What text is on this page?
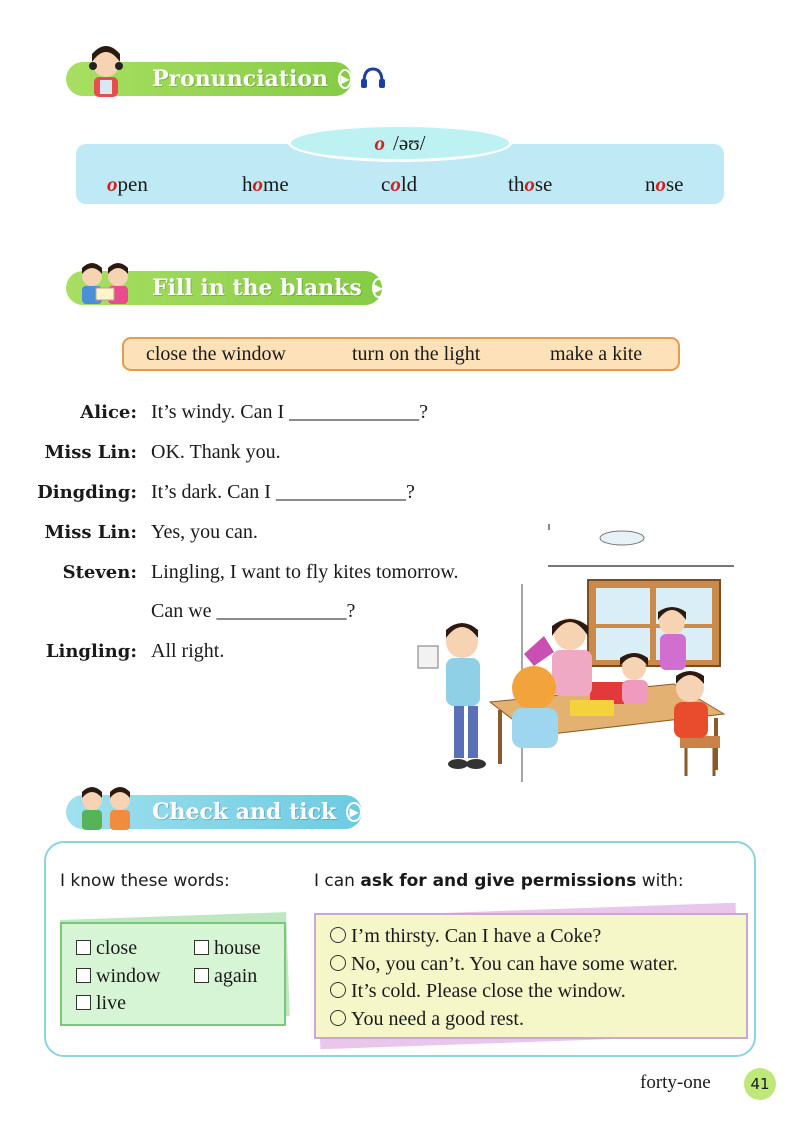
Pronunciation ▶
o /əʊ/
open	home	cold	those	nose
Fill in the blanks ▶
close the window	turn on the light	make a kite
Alice: It’s windy. Can I _____________?
Miss Lin: OK. Thank you.
Dingding: It’s dark. Can I _____________?
Miss Lin: Yes, you can.
Steven: Lingling, I want to fly kites tomorrow.
Can we _____________?
Lingling: All right.
Check and tick ▶
I know these words:	I can ask for and give permissions with:
close	house
window	again
live
I’m thirsty. Can I have a Coke?
No, you can’t. You can have some water.
It’s cold. Please close the window.
You need a good rest.
forty-one	41
